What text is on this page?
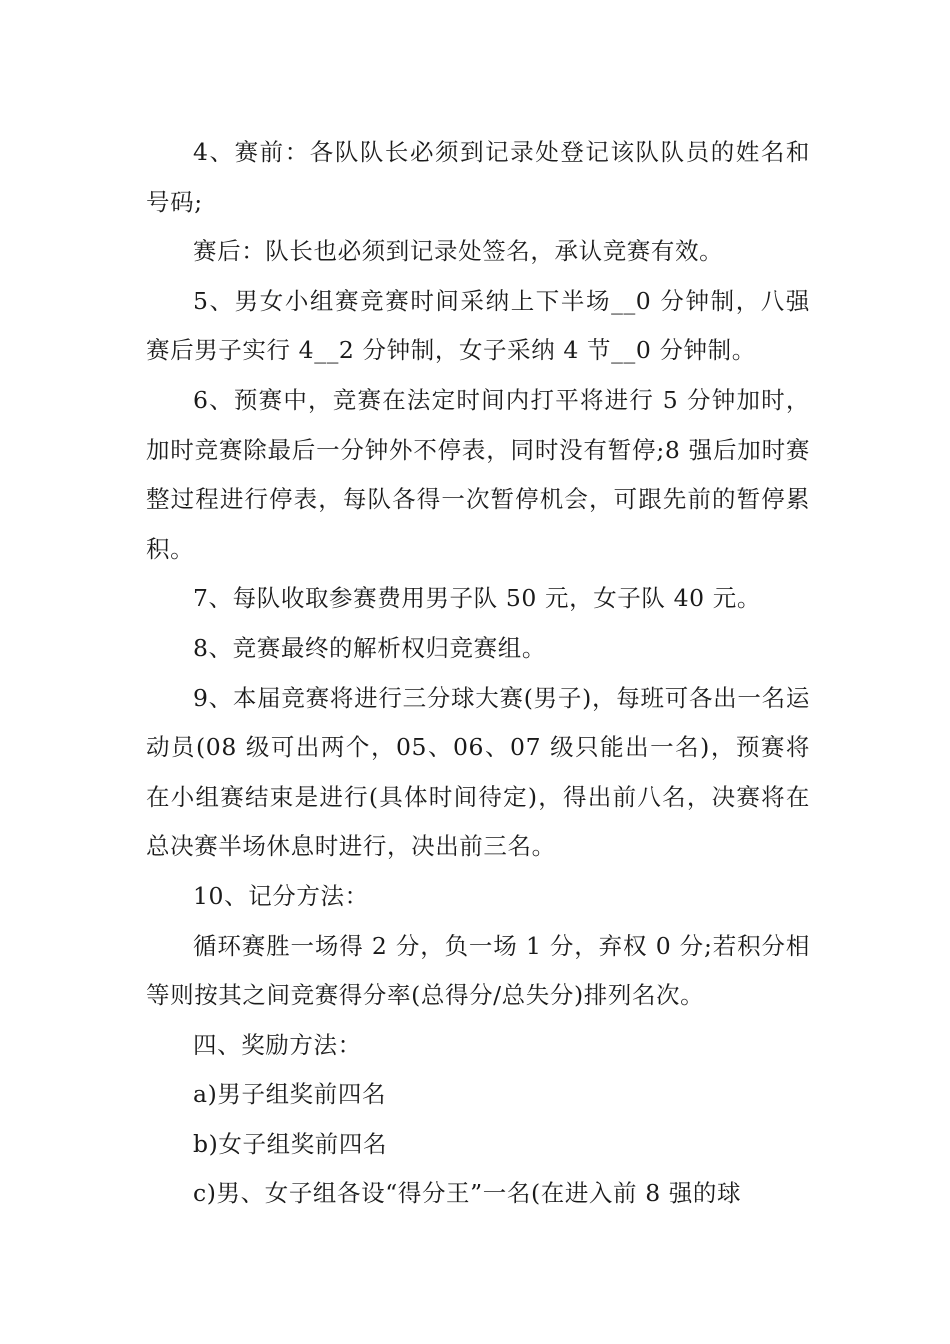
4、赛前：各队队长必须到记录处登记该队队员的姓名和号码;

赛后：队长也必须到记录处签名，承认竞赛有效。

5、男女小组赛竞赛时间采纳上下半场__0 分钟制，八强赛后男子实行 4__2 分钟制，女子采纳 4 节__0 分钟制。

6、预赛中，竞赛在法定时间内打平将进行 5 分钟加时，加时竞赛除最后一分钟外不停表，同时没有暂停;8 强后加时赛整过程进行停表，每队各得一次暂停机会，可跟先前的暂停累积。

7、每队收取参赛费用男子队 50 元，女子队 40 元。

8、竞赛最终的解析权归竞赛组。

9、本届竞赛将进行三分球大赛(男子)，每班可各出一名运动员(08 级可出两个，05、06、07 级只能出一名)，预赛将在小组赛结束是进行(具体时间待定)，得出前八名，决赛将在总决赛半场休息时进行，决出前三名。

10、记分方法：

循环赛胜一场得 2 分，负一场 1 分，弃权 0 分;若积分相等则按其之间竞赛得分率(总得分/总失分)排列名次。

四、奖励方法：

a)男子组奖前四名

b)女子组奖前四名

c)男、女子组各设“得分王”一名(在进入前 8 强的球
